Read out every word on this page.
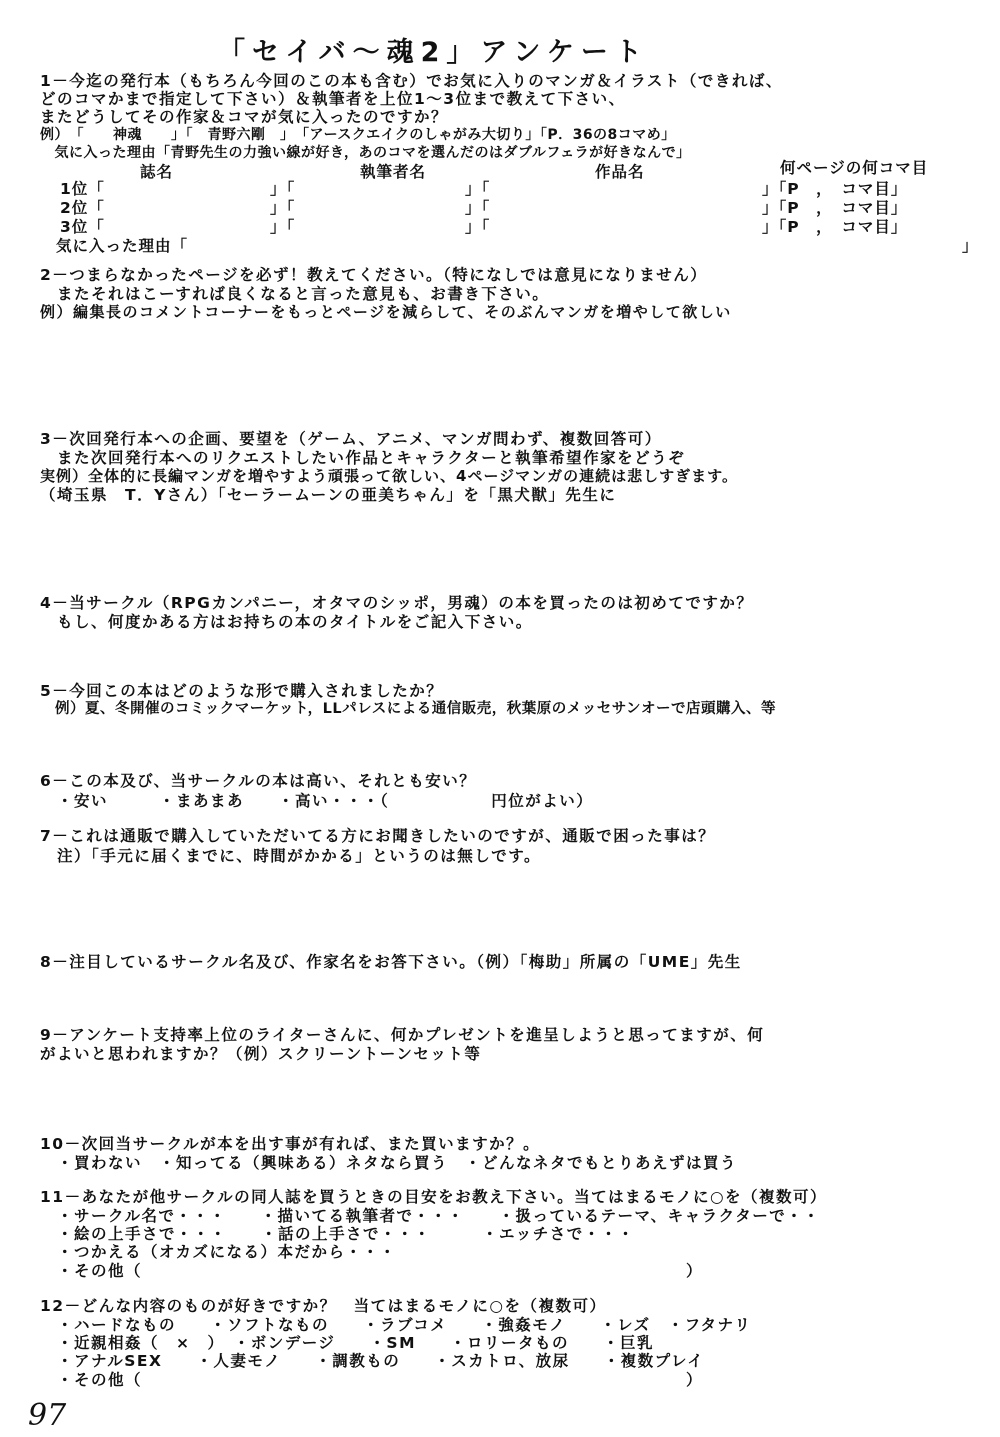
「セイバ～魂2」アンケート
1－今迄の発行本（もちろん今回のこの本も含む）でお気に入りのマンガ＆イラスト（できれば、
どのコマかまで指定して下さい）＆執筆者を上位1～3位まで教えて下さい、
またどうしてその作家＆コマが気に入ったのですか？
例）　「　　神魂　　」「　青野六剛　」　「アースクエイクのしゃがみ大切り」「P．36の8コマめ」
　気に入った理由「青野先生の力強い線が好き，あのコマを選んだのはダブルフェラが好きなんで」
誌名	執筆者名	作品名	何ページの何コマ目
1位「	」「	」「	」「P　，　コマ目」
2位「	」「	」「	」「P　，　コマ目」
3位「	」「	」「	」「P　，　コマ目」
気に入った理由「	」
2－つまらなかったページを必ず！教えてください。（特になしでは意見になりません）
　またそれはこーすれば良くなると言った意見も、お書き下さい。
例）編集長のコメントコーナーをもっとページを減らして、そのぶんマンガを増やして欲しい
3－次回発行本への企画、要望を（ゲーム、アニメ、マンガ問わず、複数回答可）
　また次回発行本へのリクエストしたい作品とキャラクターと執筆希望作家をどうぞ
実例）全体的に長編マンガを増やすよう頑張って欲しい、4ページマンガの連続は悲しすぎます。
（埼玉県　T．Yさん）「セーラームーンの亜美ちゃん」を「黒犬獣」先生に
4－当サークル（RPGカンパニー，オタマのシッポ，男魂）の本を買ったのは初めてですか？
　もし、何度かある方はお持ちの本のタイトルをご記入下さい。
5－今回この本はどのような形で購入されましたか？
　例）夏、冬開催のコミックマーケット，LLパレスによる通信販売，秋葉原のメッセサンオーで店頭購入、等
6－この本及び、当サークルの本は高い、それとも安い？
　・安い　　　・まあまあ　　・高い・・・（　　　　　　円位がよい）
7－これは通販で購入していただいてる方にお聞きしたいのですが、通販で困った事は？
　注）「手元に届くまでに、時間がかかる」というのは無しです。
8－注目しているサークル名及び、作家名をお答下さい。（例）「梅助」所属の「UME」先生
9－アンケート支持率上位のライターさんに、何かプレゼントを進呈しようと思ってますが、何
がよいと思われますか？（例）スクリーントーンセット等
10－次回当サークルが本を出す事が有れば、また買いますか？。
　・買わない　・知ってる（興味ある）ネタなら買う　・どんなネタでもとりあえずは買う
11－あなたが他サークルの同人誌を買うときの目安をお教え下さい。当てはまるモノに○を（複数可）
　・サークル名で・・・　　・描いてる執筆者で・・・　　・扱っているテーマ、キャラクターで・・
　・絵の上手さで・・・　　・話の上手さで・・・　　　・エッチさで・・・
　・つかえる（オカズになる）本だから・・・
　・その他（　　　　　　　　　　　　　　　　　　　　　　　　　　　　　　　　）
12－どんな内容のものが好きですか？　当てはまるモノに○を（複数可）
　・ハードなもの　　・ソフトなもの　　・ラブコメ　　・強姦モノ　　・レズ　・フタナリ
　・近親相姦（　×　）　・ボンデージ　　・SM　　・ロリータもの　　・巨乳
　・アナルSEX　　・人妻モノ　　・調教もの　　・スカトロ、放尿　　・複数プレイ
　・その他（　　　　　　　　　　　　　　　　　　　　　　　　　　　　　　　　）
97
